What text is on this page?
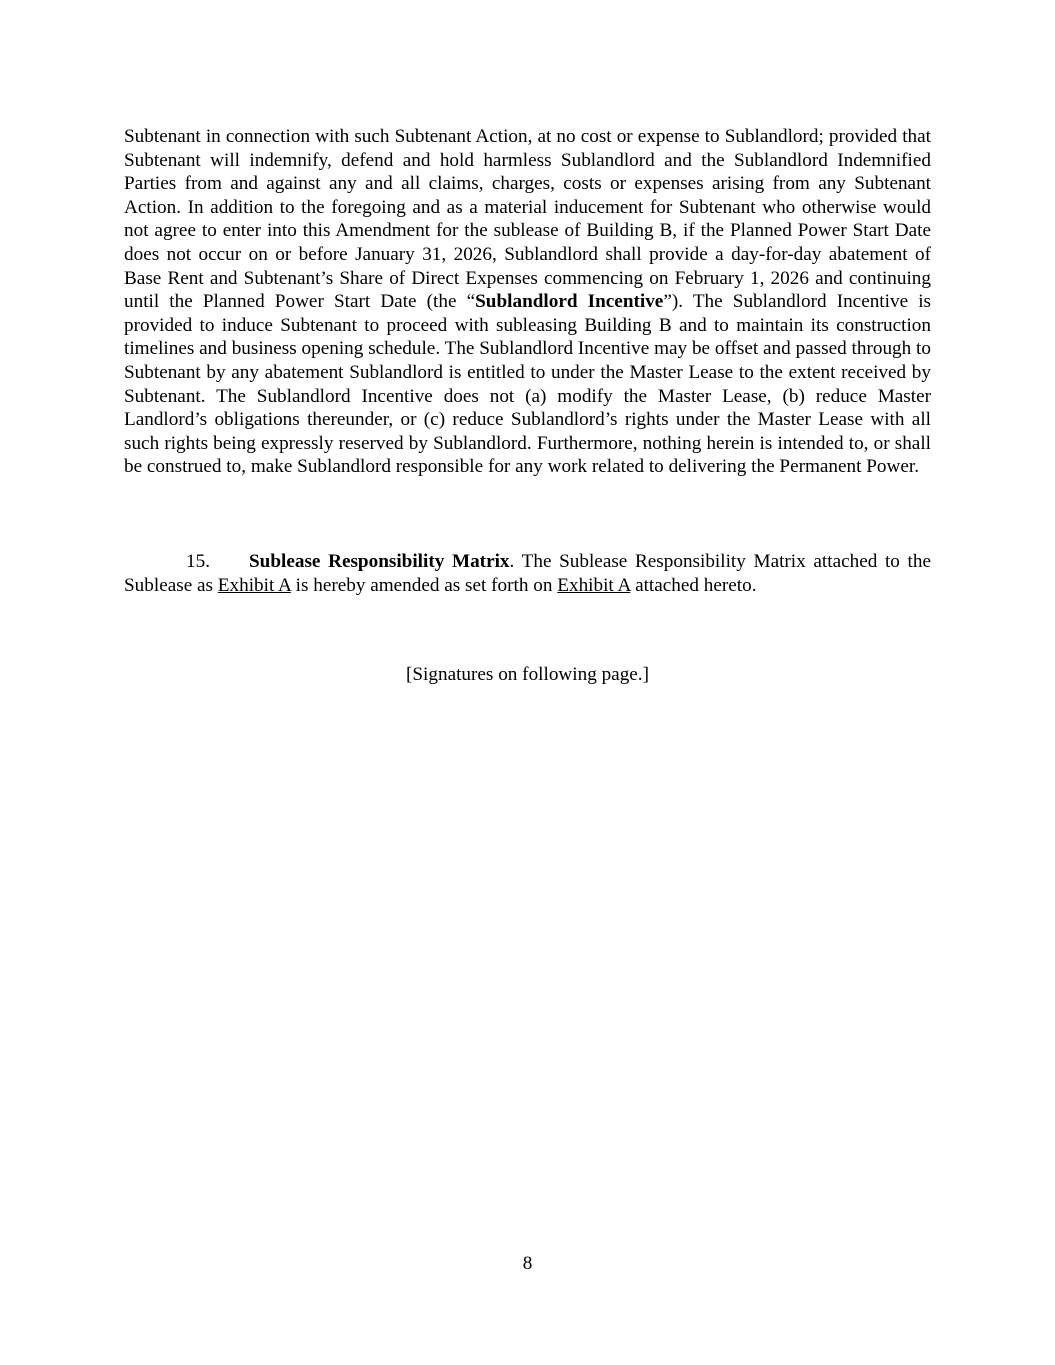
Subtenant in connection with such Subtenant Action, at no cost or expense to Sublandlord; provided that Subtenant will indemnify, defend and hold harmless Sublandlord and the Sublandlord Indemnified Parties from and against any and all claims, charges, costs or expenses arising from any Subtenant Action. In addition to the foregoing and as a material inducement for Subtenant who otherwise would not agree to enter into this Amendment for the sublease of Building B, if the Planned Power Start Date does not occur on or before January 31, 2026, Sublandlord shall provide a day-for-day abatement of Base Rent and Subtenant’s Share of Direct Expenses commencing on February 1, 2026 and continuing until the Planned Power Start Date (the “Sublandlord Incentive”). The Sublandlord Incentive is provided to induce Subtenant to proceed with subleasing Building B and to maintain its construction timelines and business opening schedule. The Sublandlord Incentive may be offset and passed through to Subtenant by any abatement Sublandlord is entitled to under the Master Lease to the extent received by Subtenant. The Sublandlord Incentive does not (a) modify the Master Lease, (b) reduce Master Landlord’s obligations thereunder, or (c) reduce Sublandlord’s rights under the Master Lease with all such rights being expressly reserved by Sublandlord. Furthermore, nothing herein is intended to, or shall be construed to, make Sublandlord responsible for any work related to delivering the Permanent Power.

15. Sublease Responsibility Matrix. The Sublease Responsibility Matrix attached to the Sublease as Exhibit A is hereby amended as set forth on Exhibit A attached hereto.

[Signatures on following page.]

8
